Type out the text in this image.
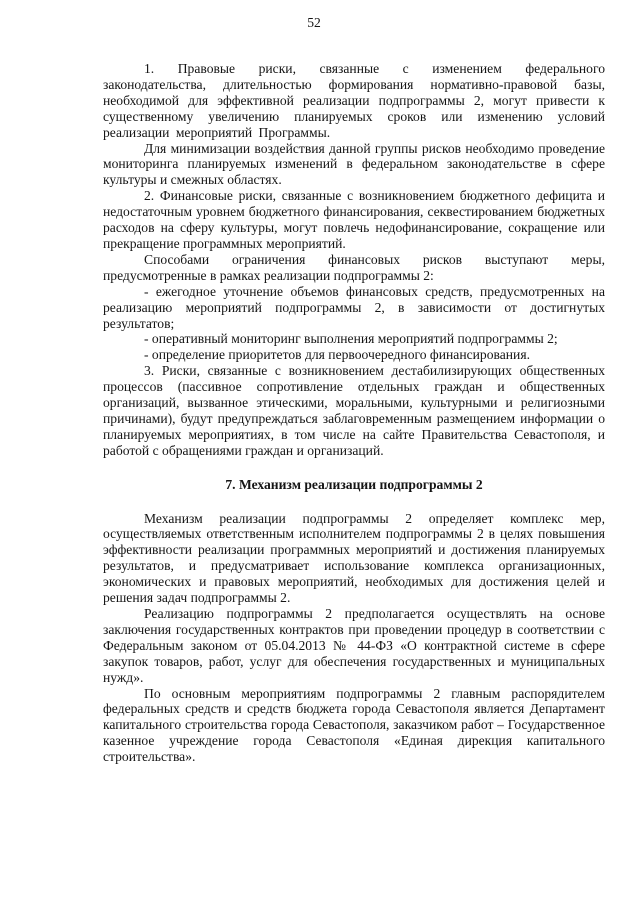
52

1. Правовые риски, связанные с изменением федерального законодательства, длительностью формирования нормативно-правовой базы, необходимой для эффективной реализации подпрограммы 2, могут привести к существенному увеличению планируемых сроков или изменению условий реализации мероприятий Программы.

Для минимизации воздействия данной группы рисков необходимо проведение мониторинга планируемых изменений в федеральном законодательстве в сфере культуры и смежных областях.

2. Финансовые риски, связанные с возникновением бюджетного дефицита и недостаточным уровнем бюджетного финансирования, секвестированием бюджетных расходов на сферу культуры, могут повлечь недофинансирование, сокращение или прекращение программных мероприятий.

Способами ограничения финансовых рисков выступают меры, предусмотренные в рамках реализации подпрограммы 2:

- ежегодное уточнение объемов финансовых средств, предусмотренных на реализацию мероприятий подпрограммы 2, в зависимости от достигнутых результатов;

- оперативный мониторинг выполнения мероприятий подпрограммы 2;

- определение приоритетов для первоочередного финансирования.

3. Риски, связанные с возникновением дестабилизирующих общественных процессов (пассивное сопротивление отдельных граждан и общественных организаций, вызванное этическими, моральными, культурными и религиозными причинами), будут предупреждаться заблаговременным размещением информации о планируемых мероприятиях, в том числе на сайте Правительства Севастополя, и работой с обращениями граждан и организаций.

7. Механизм реализации подпрограммы 2

Механизм реализации подпрограммы 2 определяет комплекс мер, осуществляемых ответственным исполнителем подпрограммы 2 в целях повышения эффективности реализации программных мероприятий и достижения планируемых результатов, и предусматривает использование комплекса организационных, экономических и правовых мероприятий, необходимых для достижения целей и решения задач подпрограммы 2.

Реализацию подпрограммы 2 предполагается осуществлять на основе заключения государственных контрактов при проведении процедур в соответствии с Федеральным законом от 05.04.2013 № 44-ФЗ «О контрактной системе в сфере закупок товаров, работ, услуг для обеспечения государственных и муниципальных нужд».

По основным мероприятиям подпрограммы 2 главным распорядителем федеральных средств и средств бюджета города Севастополя является Департамент капитального строительства города Севастополя, заказчиком работ – Государственное казенное учреждение города Севастополя «Единая дирекция капитального строительства».
